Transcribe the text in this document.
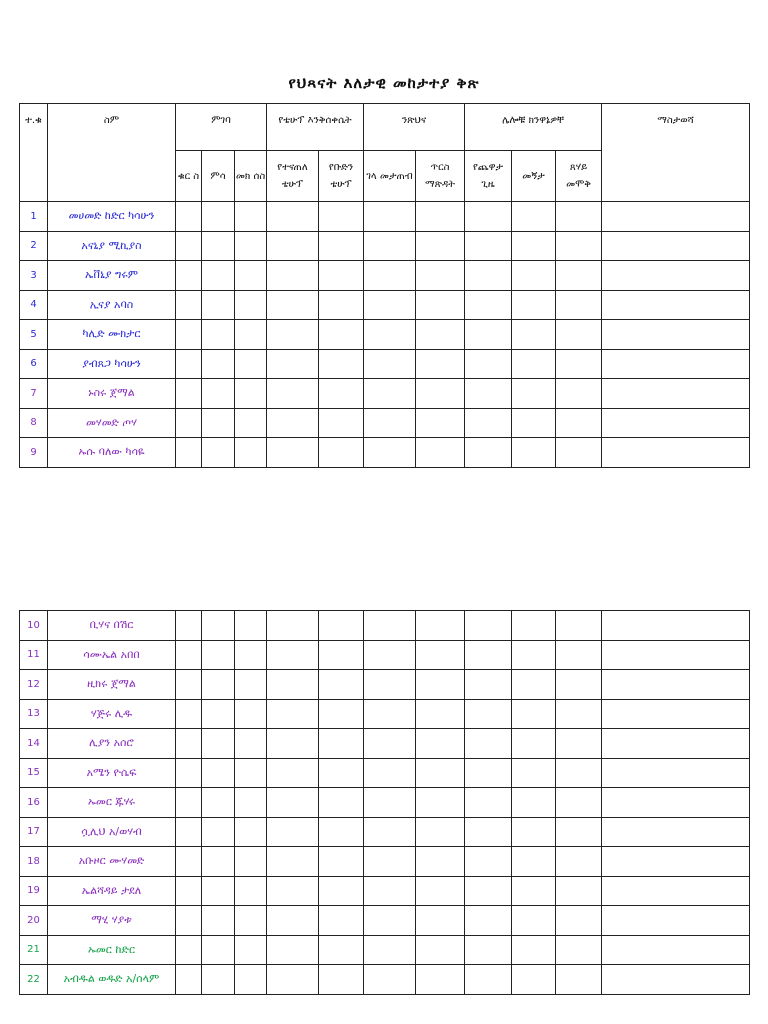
የህጻናት እለታዊ መከታተያ ቅጽ
ተ.ቁ	ስም	ምገባ			የቴሁፕ እንቅሰቀሴት		ንጽህና		ሌሎቹ ክንዋኔዎቸ			ማስታወሻ
		ቁር ስ	ምሳ	መክ ሰስ	የተናጠለ ቴሁፕ	የቡድን ቴሁፕ	ገላ መታጠብ	ጥርስ ማጽዳት	የጨዋታ ጊዜ	መኝታ	ጸሃይ መሞቅ	
1	መሀመድ ከድር ካሳሁን											
2	አናኒያ ሚኪያስ											
3	ኤቨኒያ ግሩም											
4	ኢናያ አባስ											
5	ካሊድ ሙክታር											
6	ያብጸጋ ካሳሁን											
7	ኑስሩ ጀማል											
8	መሃመድ ጦሃ											
9	ኡሱ ባለው ካሳዬ											
10	ቢሃና በሽር											
11	ሳሙኤል አበበ											
12	ዚክሩ ጀማል											
13	ሃጅሩ ሊዱ											
14	ሊያን አሰሮ											
15	አሜን ዮሴፍ											
16	ኡመር ጁሃሩ											
17	ሷሊህ አ/ወሃብ											
18	አቡዞር ሙሃመድ											
19	ኤልሻዳይ ታደለ											
20	ማሂ ሃያቱ											
21	ኡመር ከድር											
22	አብዱል ወዱድ አ/ሰላም											
